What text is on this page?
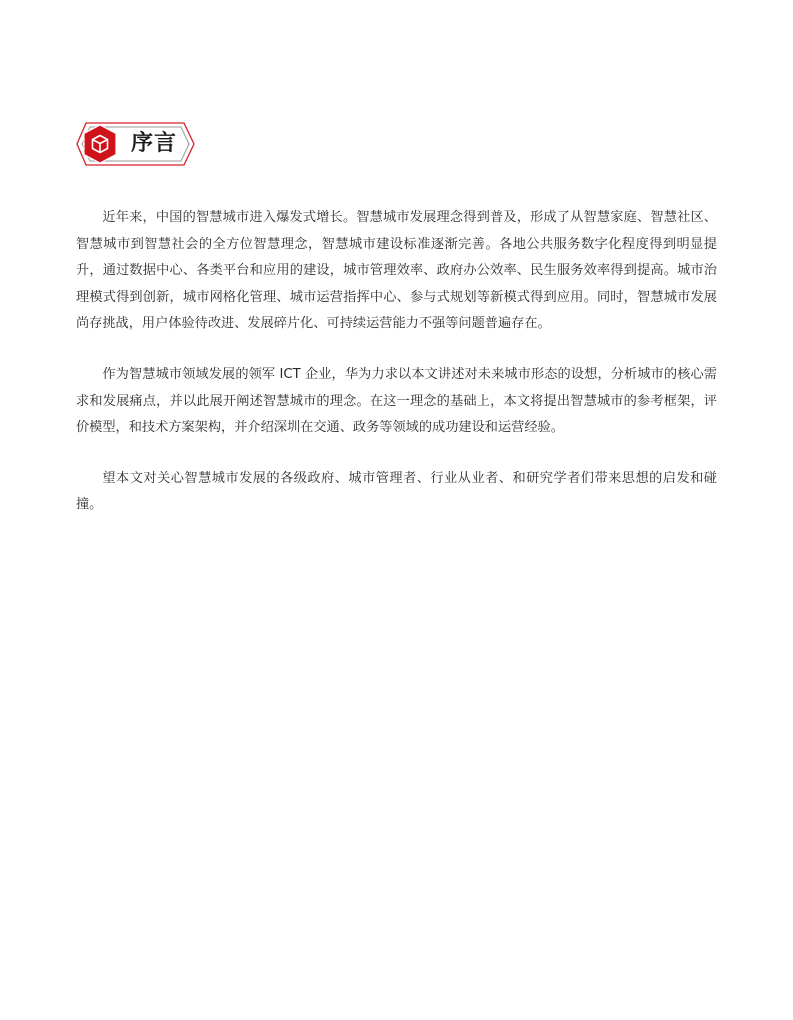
序言

近年来，中国的智慧城市进入爆发式增长。智慧城市发展理念得到普及，形成了从智慧家庭、智慧社区、智慧城市到智慧社会的全方位智慧理念，智慧城市建设标准逐渐完善。各地公共服务数字化程度得到明显提升，通过数据中心、各类平台和应用的建设，城市管理效率、政府办公效率、民生服务效率得到提高。城市治理模式得到创新，城市网格化管理、城市运营指挥中心、参与式规划等新模式得到应用。同时，智慧城市发展尚存挑战，用户体验待改进、发展碎片化、可持续运营能力不强等问题普遍存在。

作为智慧城市领域发展的领军 ICT 企业，华为力求以本文讲述对未来城市形态的设想，分析城市的核心需求和发展痛点，并以此展开阐述智慧城市的理念。在这一理念的基础上，本文将提出智慧城市的参考框架，评价模型，和技术方案架构，并介绍深圳在交通、政务等领域的成功建设和运营经验。

望本文对关心智慧城市发展的各级政府、城市管理者、行业从业者、和研究学者们带来思想的启发和碰撞。
